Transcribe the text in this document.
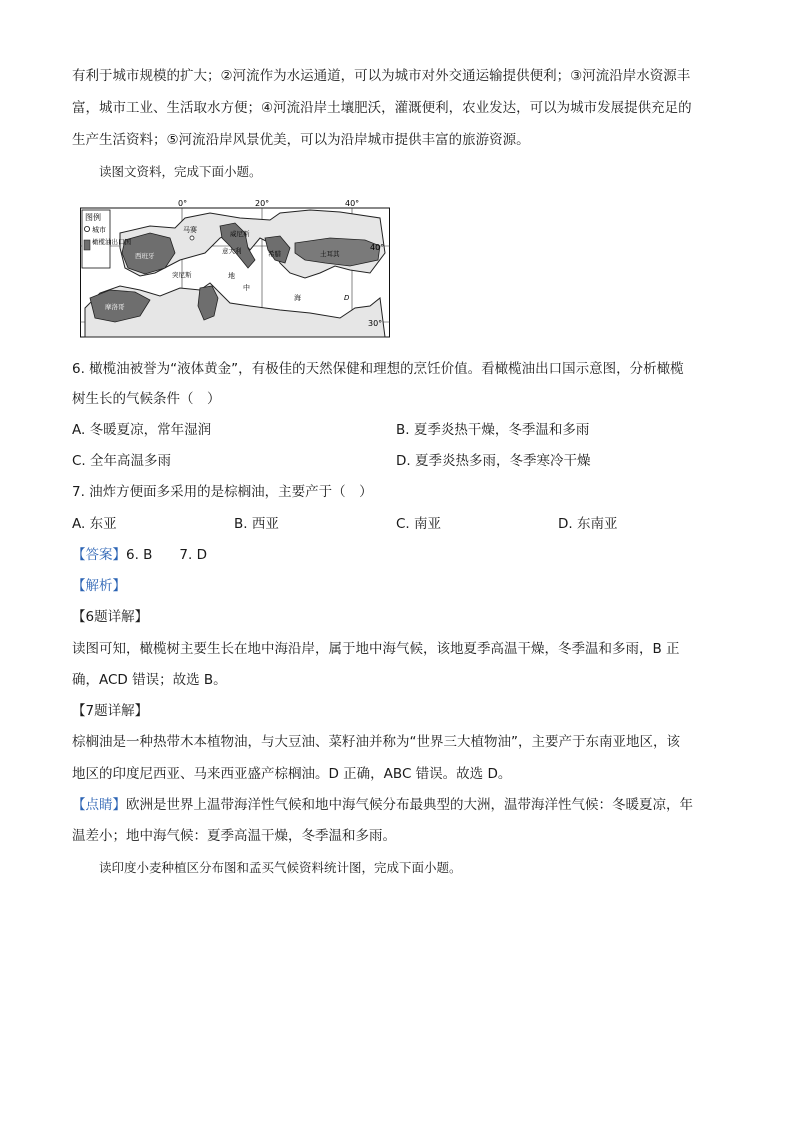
有利于城市规模的扩大；②河流作为水运通道，可以为城市对外交通运输提供便利；③河流沿岸水资源丰
富，城市工业、生活取水方便；④河流沿岸土壤肥沃，灌溉便利，农业发达，可以为城市发展提供充足的
生产生活资料；⑤河流沿岸风景优美，可以为沿岸城市提供丰富的旅游资源。
读图文资料，完成下面小题。
图例
城市
橄榄油出口国
0°	20°	40°
40°
30°
马赛	威尼斯
西班牙
意大利
突尼斯
希腊	土耳其
摩洛哥
地
中
海	D
6. 橄榄油被誉为“液体黄金”，有极佳的天然保健和理想的烹饪价值。看橄榄油出口国示意图，分析橄榄
树生长的气候条件（　）
A. 冬暖夏凉，常年湿润	B. 夏季炎热干燥，冬季温和多雨
C. 全年高温多雨	D. 夏季炎热多雨，冬季寒冷干燥
7. 油炸方便面多采用的是棕榈油，主要产于（　）
A. 东亚	B. 西亚	C. 南亚	D. 东南亚
【答案】6. B　　7. D
【解析】
【6题详解】
读图可知，橄榄树主要生长在地中海沿岸，属于地中海气候，该地夏季高温干燥，冬季温和多雨，B 正
确，ACD 错误；故选 B。
【7题详解】
棕榈油是一种热带木本植物油，与大豆油、菜籽油并称为“世界三大植物油”，主要产于东南亚地区，该
地区的印度尼西亚、马来西亚盛产棕榈油。D 正确，ABC 错误。故选 D。
【点睛】欧洲是世界上温带海洋性气候和地中海气候分布最典型的大洲，温带海洋性气候：冬暖夏凉，年
温差小；地中海气候：夏季高温干燥，冬季温和多雨。
读印度小麦种植区分布图和孟买气候资料统计图，完成下面小题。
